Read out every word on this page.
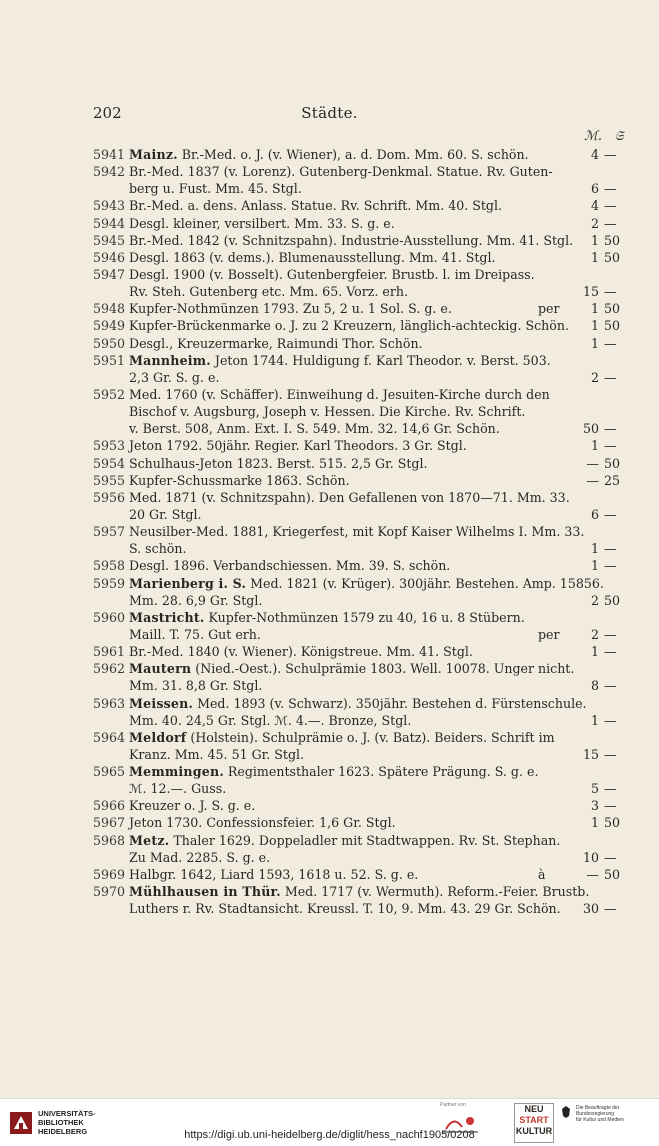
202	Städte.
ℳ. 𝔖
5941 Mainz. Br.-Med. o. J. (v. Wiener), a. d. Dom. Mm. 60. S. schön.	4 —
5942 Br.-Med. 1837 (v. Lorenz). Gutenberg-Denkmal. Statue. Rv. Guten-
berg u. Fust. Mm. 45. Stgl.	6 —
5943 Br.-Med. a. dens. Anlass. Statue. Rv. Schrift. Mm. 40. Stgl.	4 —
5944 Desgl. kleiner, versilbert. Mm. 33. S. g. e.	2 —
5945 Br.-Med. 1842 (v. Schnitzspahn). Industrie-Ausstellung. Mm. 41. Stgl.	1 50
5946 Desgl. 1863 (v. dems.). Blumenausstellung. Mm. 41. Stgl.	1 50
5947 Desgl. 1900 (v. Bosselt). Gutenbergfeier. Brustb. l. im Dreipass.
Rv. Steh. Gutenberg etc. Mm. 65. Vorz. erh.	15 —
5948 Kupfer-Nothmünzen 1793. Zu 5, 2 u. 1 Sol. S. g. e.	per	1 50
5949 Kupfer-Brückenmarke o. J. zu 2 Kreuzern, länglich-achteckig. Schön.	1 50
5950 Desgl., Kreuzermarke, Raimundi Thor. Schön.	1 —
5951 Mannheim. Jeton 1744. Huldigung f. Karl Theodor. v. Berst. 503.
2,3 Gr. S. g. e.	2 —
5952 Med. 1760 (v. Schäffer). Einweihung d. Jesuiten-Kirche durch den
Bischof v. Augsburg, Joseph v. Hessen. Die Kirche. Rv. Schrift.
v. Berst. 508, Anm. Ext. I. S. 549. Mm. 32. 14,6 Gr. Schön.	50 —
5953 Jeton 1792. 50jähr. Regier. Karl Theodors. 3 Gr. Stgl.	1 —
5954 Schulhaus-Jeton 1823. Berst. 515. 2,5 Gr. Stgl.	— 50
5955 Kupfer-Schussmarke 1863. Schön.	— 25
5956 Med. 1871 (v. Schnitzspahn). Den Gefallenen von 1870—71. Mm. 33.
20 Gr. Stgl.	6 —
5957 Neusilber-Med. 1881, Kriegerfest, mit Kopf Kaiser Wilhelms I. Mm. 33.
S. schön.	1 —
5958 Desgl. 1896. Verbandschiessen. Mm. 39. S. schön.	1 —
5959 Marienberg i. S. Med. 1821 (v. Krüger). 300jähr. Bestehen. Amp. 15856.
Mm. 28. 6,9 Gr. Stgl.	2 50
5960 Mastricht. Kupfer-Nothmünzen 1579 zu 40, 16 u. 8 Stübern.
Maill. T. 75. Gut erh.	per	2 —
5961 Br.-Med. 1840 (v. Wiener). Königstreue. Mm. 41. Stgl.	1 —
5962 Mautern (Nied.-Oest.). Schulprämie 1803. Well. 10078. Unger nicht.
Mm. 31. 8,8 Gr. Stgl.	8 —
5963 Meissen. Med. 1893 (v. Schwarz). 350jähr. Bestehen d. Fürstenschule.
Mm. 40. 24,5 Gr. Stgl. ℳ. 4.—. Bronze, Stgl.	1 —
5964 Meldorf (Holstein). Schulprämie o. J. (v. Batz). Beiders. Schrift im
Kranz. Mm. 45. 51 Gr. Stgl.	15 —
5965 Memmingen. Regimentsthaler 1623. Spätere Prägung. S. g. e.
ℳ. 12.—. Guss.	5 —
5966 Kreuzer o. J. S. g. e.	3 —
5967 Jeton 1730. Confessionsfeier. 1,6 Gr. Stgl.	1 50
5968 Metz. Thaler 1629. Doppeladler mit Stadtwappen. Rv. St. Stephan.
Zu Mad. 2285. S. g. e.	10 —
5969 Halbgr. 1642, Liard 1593, 1618 u. 52. S. g. e.	à	— 50
5970 Mühlhausen in Thür. Med. 1717 (v. Wermuth). Reform.-Feier. Brustb.
Luthers r. Rv. Stadtansicht. Kreussl. T. 10, 9. Mm. 43. 29 Gr. Schön.	30 —
UNIVERSITÄTS-
BIBLIOTHEK
HEIDELBERG
Partner von	NEU
START
KULTUR
Die Beauftragte der Bundesregierung
für Kultur und Medien
https://digi.ub.uni-heidelberg.de/diglit/hess_nachf1905/0208
